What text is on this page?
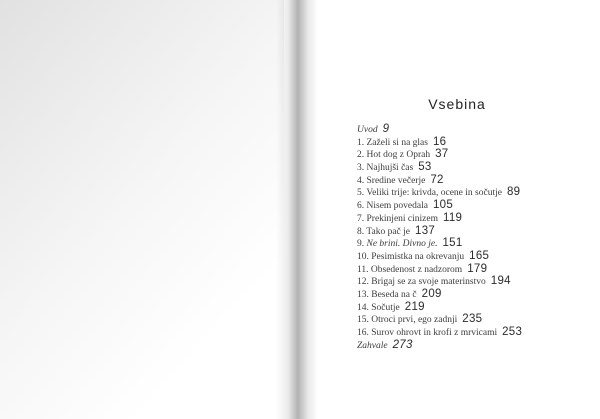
Vsebina
Uvod 9
1. Zaželi si na glas 16
2. Hot dog z Oprah 37
3. Najhujši čas 53
4. Sredine večerje 72
5. Veliki trije: krivda, ocene in sočutje 89
6. Nisem povedala 105
7. Prekinjeni cinizem 119
8. Tako pač je 137
9. Ne brini. Divno je. 151
10. Pesimistka na okrevanju 165
11. Obsedenost z nadzorom 179
12. Brigaj se za svoje materinstvo 194
13. Beseda na č 209
14. Sočutje 219
15. Otroci prvi, ego zadnji 235
16. Surov ohrovt in krofi z mrvicami 253
Zahvale 273
